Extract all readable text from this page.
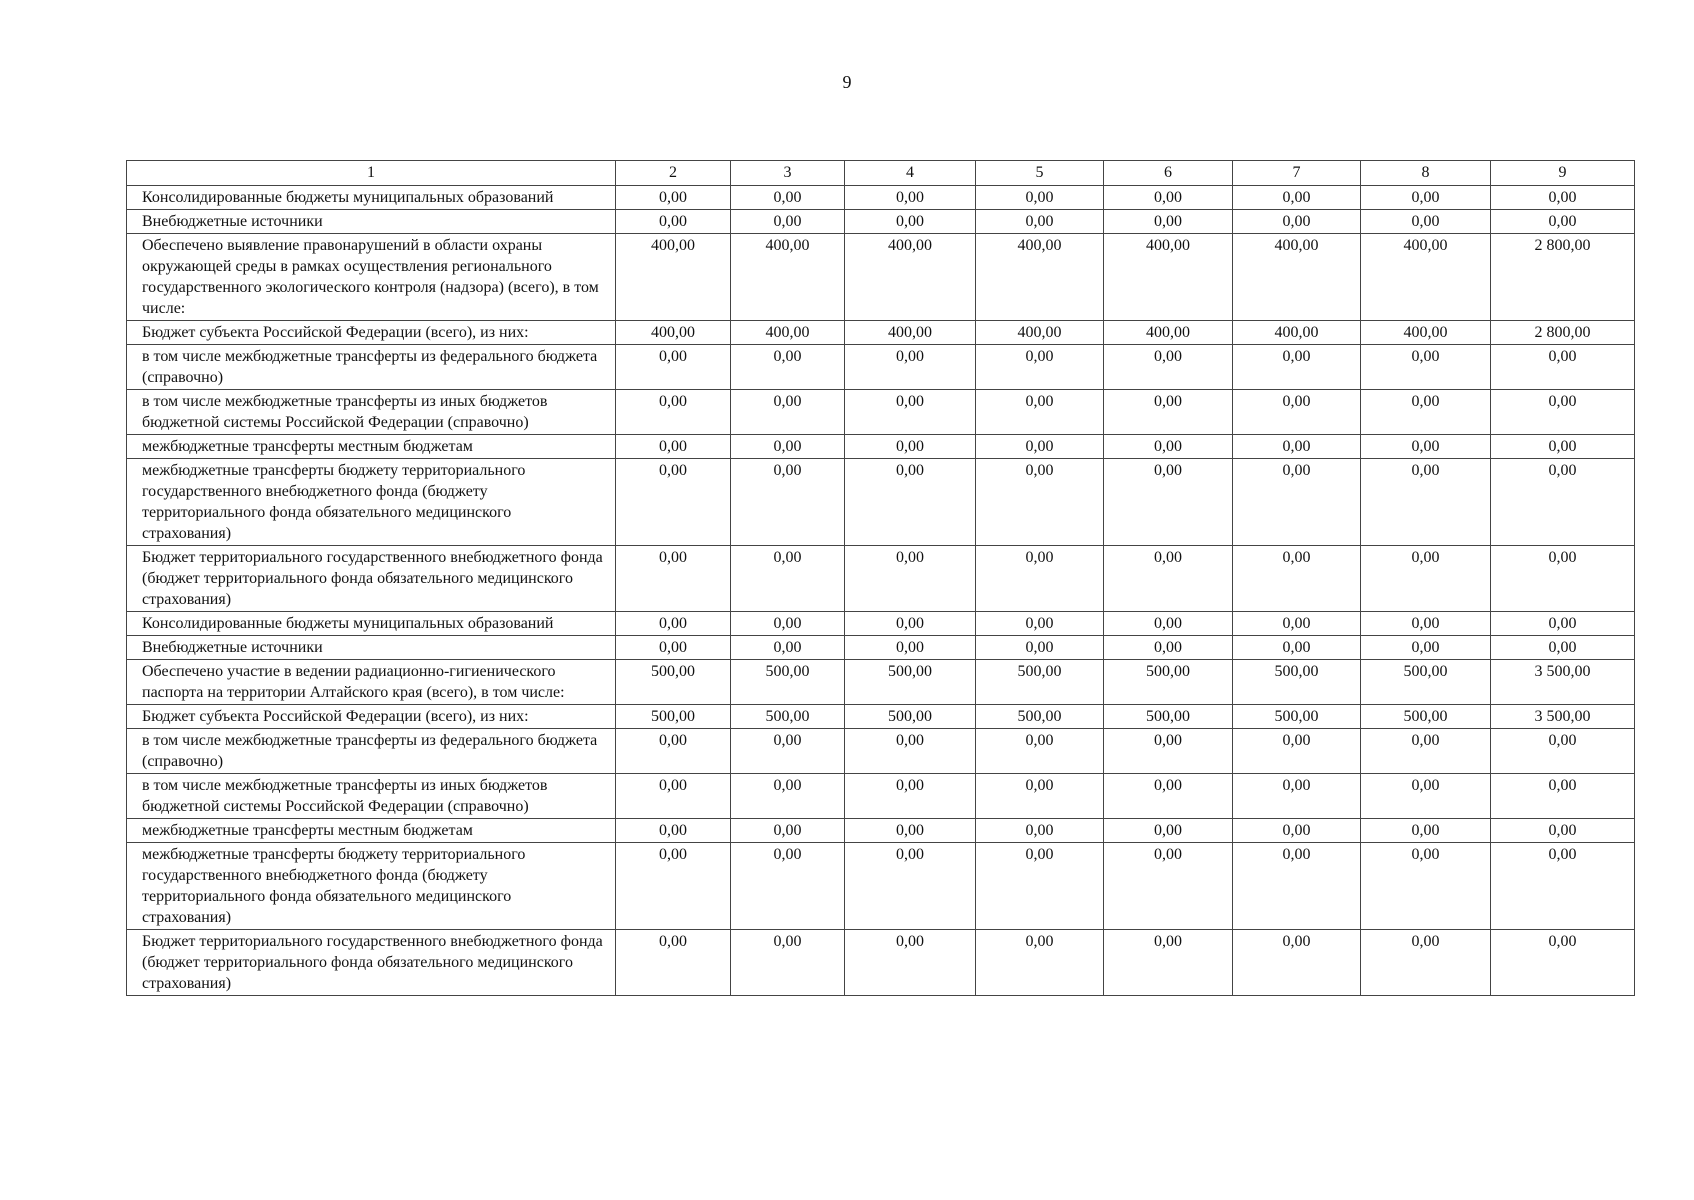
9
1	2	3	4	5	6	7	8	9
Консолидированные бюджеты муниципальных образований	0,00	0,00	0,00	0,00	0,00	0,00	0,00	0,00
Внебюджетные источники	0,00	0,00	0,00	0,00	0,00	0,00	0,00	0,00
Обеспечено выявление правонарушений в области охраны окружающей среды в рамках осуществления регионального государственного экологического контроля (надзора) (всего), в том числе:	400,00	400,00	400,00	400,00	400,00	400,00	400,00	2 800,00
Бюджет субъекта Российской Федерации (всего), из них:	400,00	400,00	400,00	400,00	400,00	400,00	400,00	2 800,00
в том числе межбюджетные трансферты из федерального бюджета (справочно)	0,00	0,00	0,00	0,00	0,00	0,00	0,00	0,00
в том числе межбюджетные трансферты из иных бюджетов бюджетной системы Российской Федерации (справочно)	0,00	0,00	0,00	0,00	0,00	0,00	0,00	0,00
межбюджетные трансферты местным бюджетам	0,00	0,00	0,00	0,00	0,00	0,00	0,00	0,00
межбюджетные трансферты бюджету территориального государственного внебюджетного фонда (бюджету территориального фонда обязательного медицинского страхования)	0,00	0,00	0,00	0,00	0,00	0,00	0,00	0,00
Бюджет территориального государственного внебюджетного фонда (бюджет территориального фонда обязательного медицинского страхования)	0,00	0,00	0,00	0,00	0,00	0,00	0,00	0,00
Консолидированные бюджеты муниципальных образований	0,00	0,00	0,00	0,00	0,00	0,00	0,00	0,00
Внебюджетные источники	0,00	0,00	0,00	0,00	0,00	0,00	0,00	0,00
Обеспечено участие в ведении радиационно-гигиенического паспорта на территории Алтайского края (всего), в том числе:	500,00	500,00	500,00	500,00	500,00	500,00	500,00	3 500,00
Бюджет субъекта Российской Федерации (всего), из них:	500,00	500,00	500,00	500,00	500,00	500,00	500,00	3 500,00
в том числе межбюджетные трансферты из федерального бюджета (справочно)	0,00	0,00	0,00	0,00	0,00	0,00	0,00	0,00
в том числе межбюджетные трансферты из иных бюджетов бюджетной системы Российской Федерации (справочно)	0,00	0,00	0,00	0,00	0,00	0,00	0,00	0,00
межбюджетные трансферты местным бюджетам	0,00	0,00	0,00	0,00	0,00	0,00	0,00	0,00
межбюджетные трансферты бюджету территориального государственного внебюджетного фонда (бюджету территориального фонда обязательного медицинского страхования)	0,00	0,00	0,00	0,00	0,00	0,00	0,00	0,00
Бюджет территориального государственного внебюджетного фонда (бюджет территориального фонда обязательного медицинского страхования)	0,00	0,00	0,00	0,00	0,00	0,00	0,00	0,00
